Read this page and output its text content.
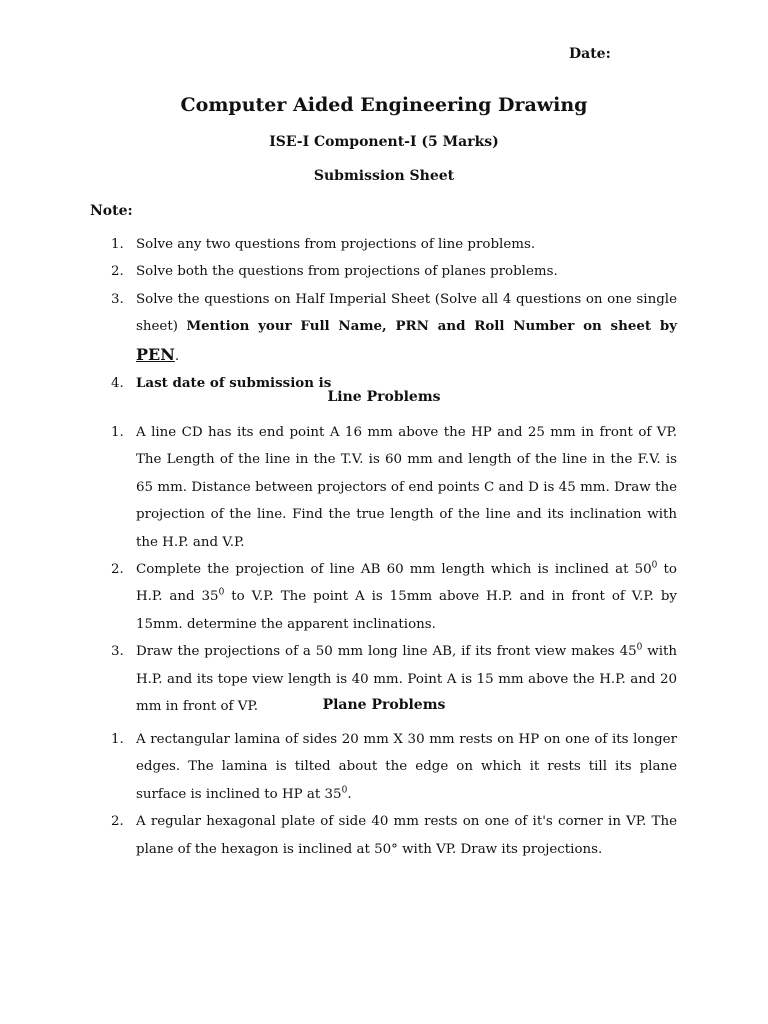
Date:
Computer Aided Engineering Drawing
ISE-I Component-I (5 Marks)
Submission Sheet
Note:
1. Solve any two questions from projections of line problems.
2. Solve both the questions from projections of planes problems.
3. Solve the questions on Half Imperial Sheet (Solve all 4 questions on one single sheet) Mention your Full Name, PRN and Roll Number on sheet by PEN.
4. Last date of submission is
Line Problems
1. A line CD has its end point A 16 mm above the HP and 25 mm in front of VP. The Length of the line in the T.V. is 60 mm and length of the line in the F.V. is 65 mm. Distance between projectors of end points C and D is 45 mm. Draw the projection of the line. Find the true length of the line and its inclination with the H.P. and V.P.
2. Complete the projection of line AB 60 mm length which is inclined at $50^0$ to H.P. and $35^0$ to V.P. The point A is 15mm above H.P. and in front of V.P. by 15mm. determine the apparent inclinations.
3. Draw the projections of a 50 mm long line AB, if its front view makes $45^0$ with H.P. and its tope view length is 40 mm. Point A is 15 mm above the H.P. and 20 mm in front of VP.	Plane Problems
1. A rectangular lamina of sides 20 mm X 30 mm rests on HP on one of its longer edges. The lamina is tilted about the edge on which it rests till its plane surface is inclined to HP at $35^0$.
2. A regular hexagonal plate of side 40 mm rests on one of it's corner in VP. The plane of the hexagon is inclined at 50° with VP. Draw its projections.
